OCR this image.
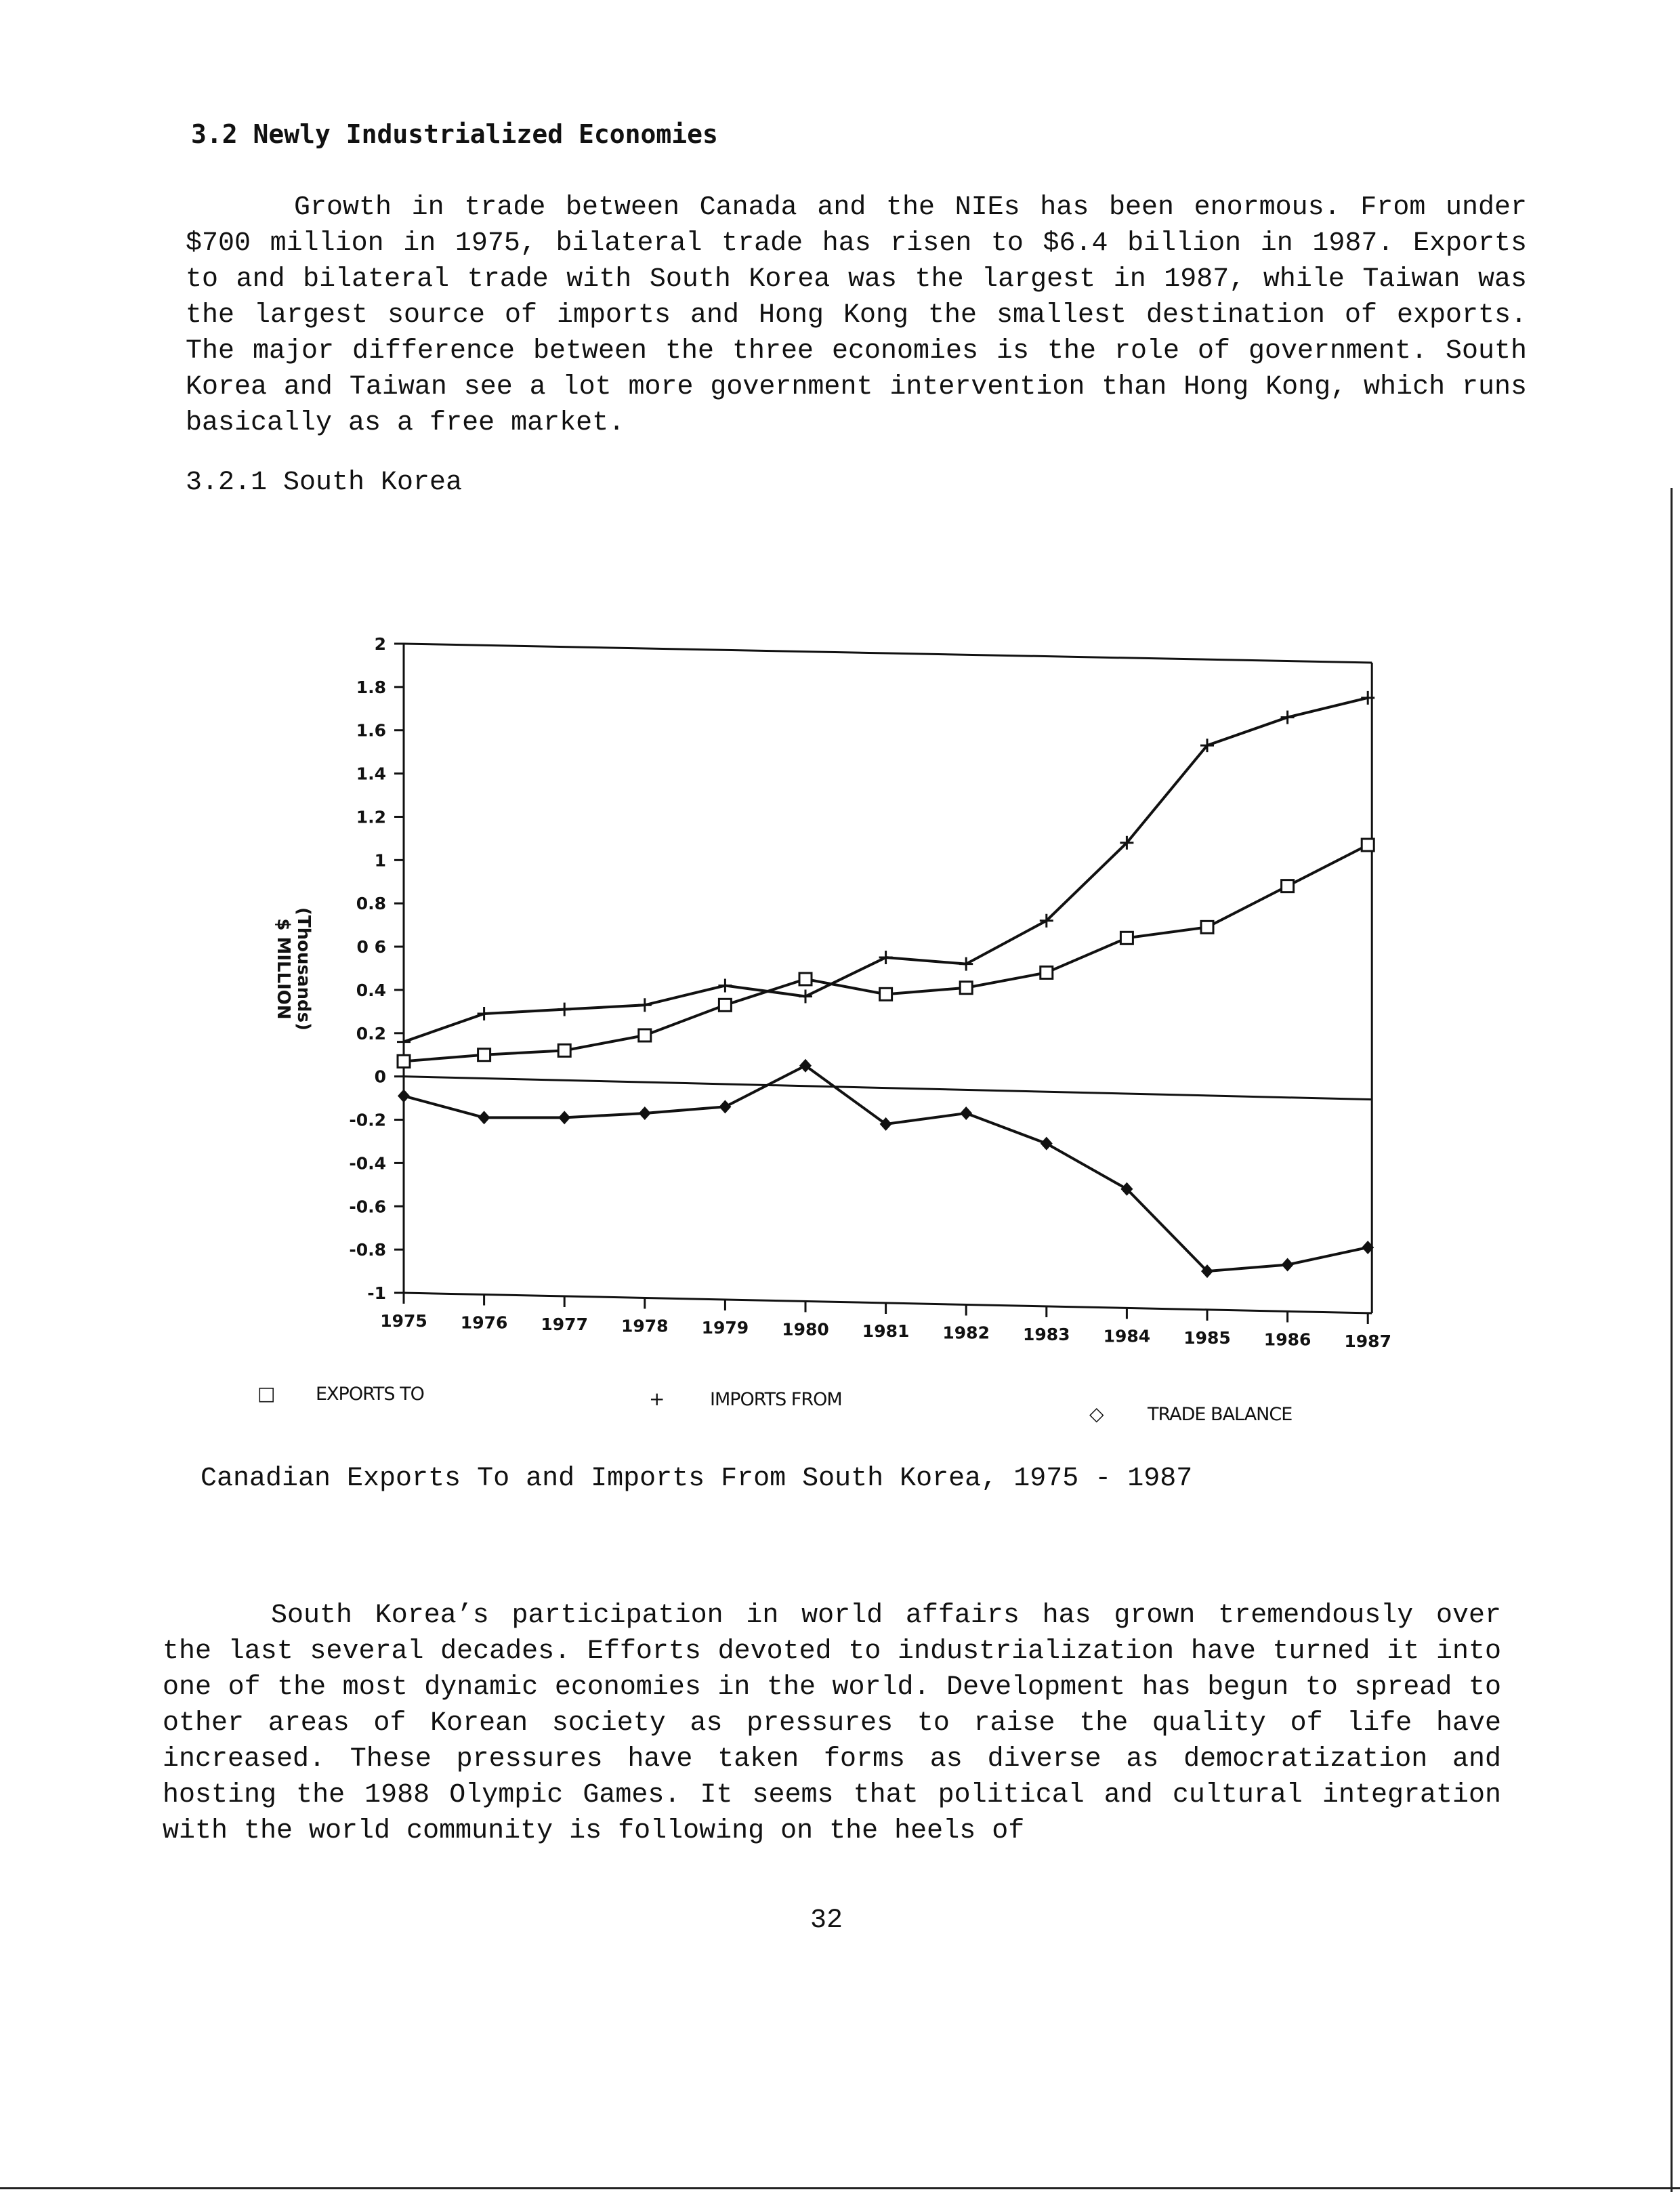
3.2 Newly Industrialized Economies

Growth in trade between Canada and the NIEs has been enormous. From under $700 million in 1975, bilateral trade has risen to $6.4 billion in 1987. Exports to and bilateral trade with South Korea was the largest in 1987, while Taiwan was the largest source of imports and Hong Kong the smallest destination of exports. The major difference between the three economies is the role of government. South Korea and Taiwan see a lot more government intervention than Hong Kong, which runs basically as a free market.

3.2.1 South Korea
2
1.8
1.6
1.4
1.2
1
0.8
0 6
0.4
0.2
0
-0.2
-0.4
-0.6
-0.8
-1
1975 1976 1977 1978 1979 1980 1981 1982 1983 1984 1985 1986 1987
$ MILLION (Thousands)
□ EXPORTS TO	+ IMPORTS FROM
◇ TRADE BALANCE
Canadian Exports To and Imports From South Korea, 1975 - 1987

South Korea’s participation in world affairs has grown tremendously over the last several decades. Efforts devoted to industrialization have turned it into one of the most dynamic economies in the world. Development has begun to spread to other areas of Korean society as pressures to raise the quality of life have increased. These pressures have taken forms as diverse as democratization and hosting the 1988 Olympic Games. It seems that political and cultural integration with the world community is following on the heels of

32
